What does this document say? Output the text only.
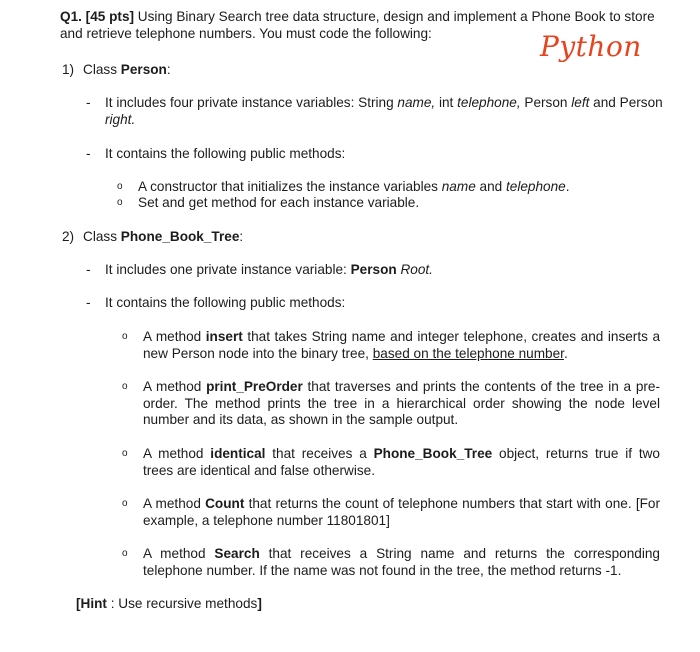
Q1. [45 pts] Using Binary Search tree data structure, design and implement a Phone Book to store and retrieve telephone numbers. You must code the following:	Python
1) Class Person:
-	It includes four private instance variables: String name, int telephone, Person left and Person right.
-	It contains the following public methods:
o	A constructor that initializes the instance variables name and telephone.
o	Set and get method for each instance variable.
2) Class Phone_Book_Tree:
-	It includes one private instance variable: Person Root.
-	It contains the following public methods:
o	A method insert that takes String name and integer telephone, creates and inserts a new Person node into the binary tree, based on the telephone number.
o	A method print_PreOrder that traverses and prints the contents of the tree in a pre-order. The method prints the tree in a hierarchical order showing the node level number and its data, as shown in the sample output.
o	A method identical that receives a Phone_Book_Tree object, returns true if two trees are identical and false otherwise.
o	A method Count that returns the count of telephone numbers that start with one. [For example, a telephone number 11801801]
o	A method Search that receives a String name and returns the corresponding telephone number. If the name was not found in the tree, the method returns -1.
[Hint : Use recursive methods]
